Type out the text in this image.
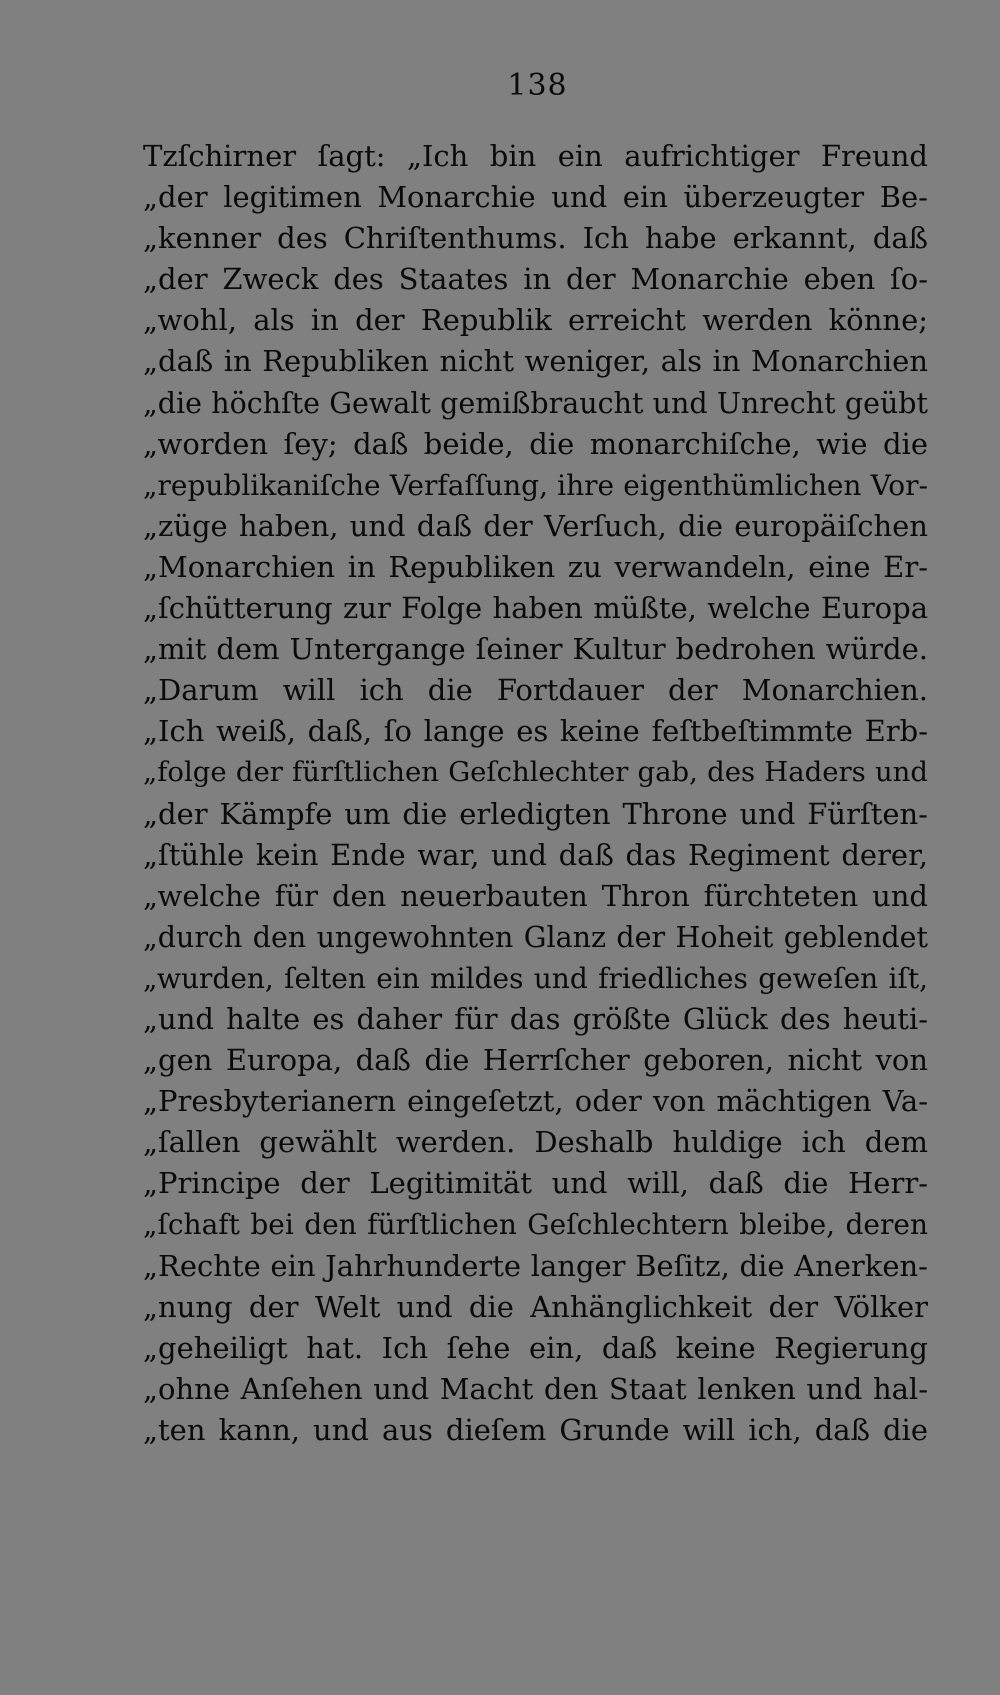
138
Tzſchirner ſagt: „Ich bin ein aufrichtiger Freund
„der legitimen Monarchie und ein überzeugter Be-
„kenner des Chriſtenthums. Ich habe erkannt, daß
„der Zweck des Staates in der Monarchie eben ſo-
„wohl, als in der Republik erreicht werden könne;
„daß in Republiken nicht weniger, als in Monarchien
„die höchſte Gewalt gemißbraucht und Unrecht geübt
„worden ſey; daß beide, die monarchiſche, wie die
„republikaniſche Verfaſſung, ihre eigenthümlichen Vor-
„züge haben, und daß der Verſuch, die europäiſchen
„Monarchien in Republiken zu verwandeln, eine Er-
„ſchütterung zur Folge haben müßte, welche Europa
„mit dem Untergange ſeiner Kultur bedrohen würde.
„Darum will ich die Fortdauer der Monarchien.
„Ich weiß, daß, ſo lange es keine feſtbeſtimmte Erb-
„folge der fürſtlichen Geſchlechter gab, des Haders und
„der Kämpfe um die erledigten Throne und Fürſten-
„ſtühle kein Ende war, und daß das Regiment derer,
„welche für den neuerbauten Thron fürchteten und
„durch den ungewohnten Glanz der Hoheit geblendet
„wurden, ſelten ein mildes und friedliches geweſen iſt,
„und halte es daher für das größte Glück des heuti-
„gen Europa, daß die Herrſcher geboren, nicht von
„Presbyterianern eingeſetzt, oder von mächtigen Va-
„ſallen gewählt werden. Deshalb huldige ich dem
„Principe der Legitimität und will, daß die Herr-
„ſchaft bei den fürſtlichen Geſchlechtern bleibe, deren
„Rechte ein Jahrhunderte langer Beſitz, die Anerken-
„nung der Welt und die Anhänglichkeit der Völker
„geheiligt hat. Ich ſehe ein, daß keine Regierung
„ohne Anſehen und Macht den Staat lenken und hal-
„ten kann, und aus dieſem Grunde will ich, daß die
